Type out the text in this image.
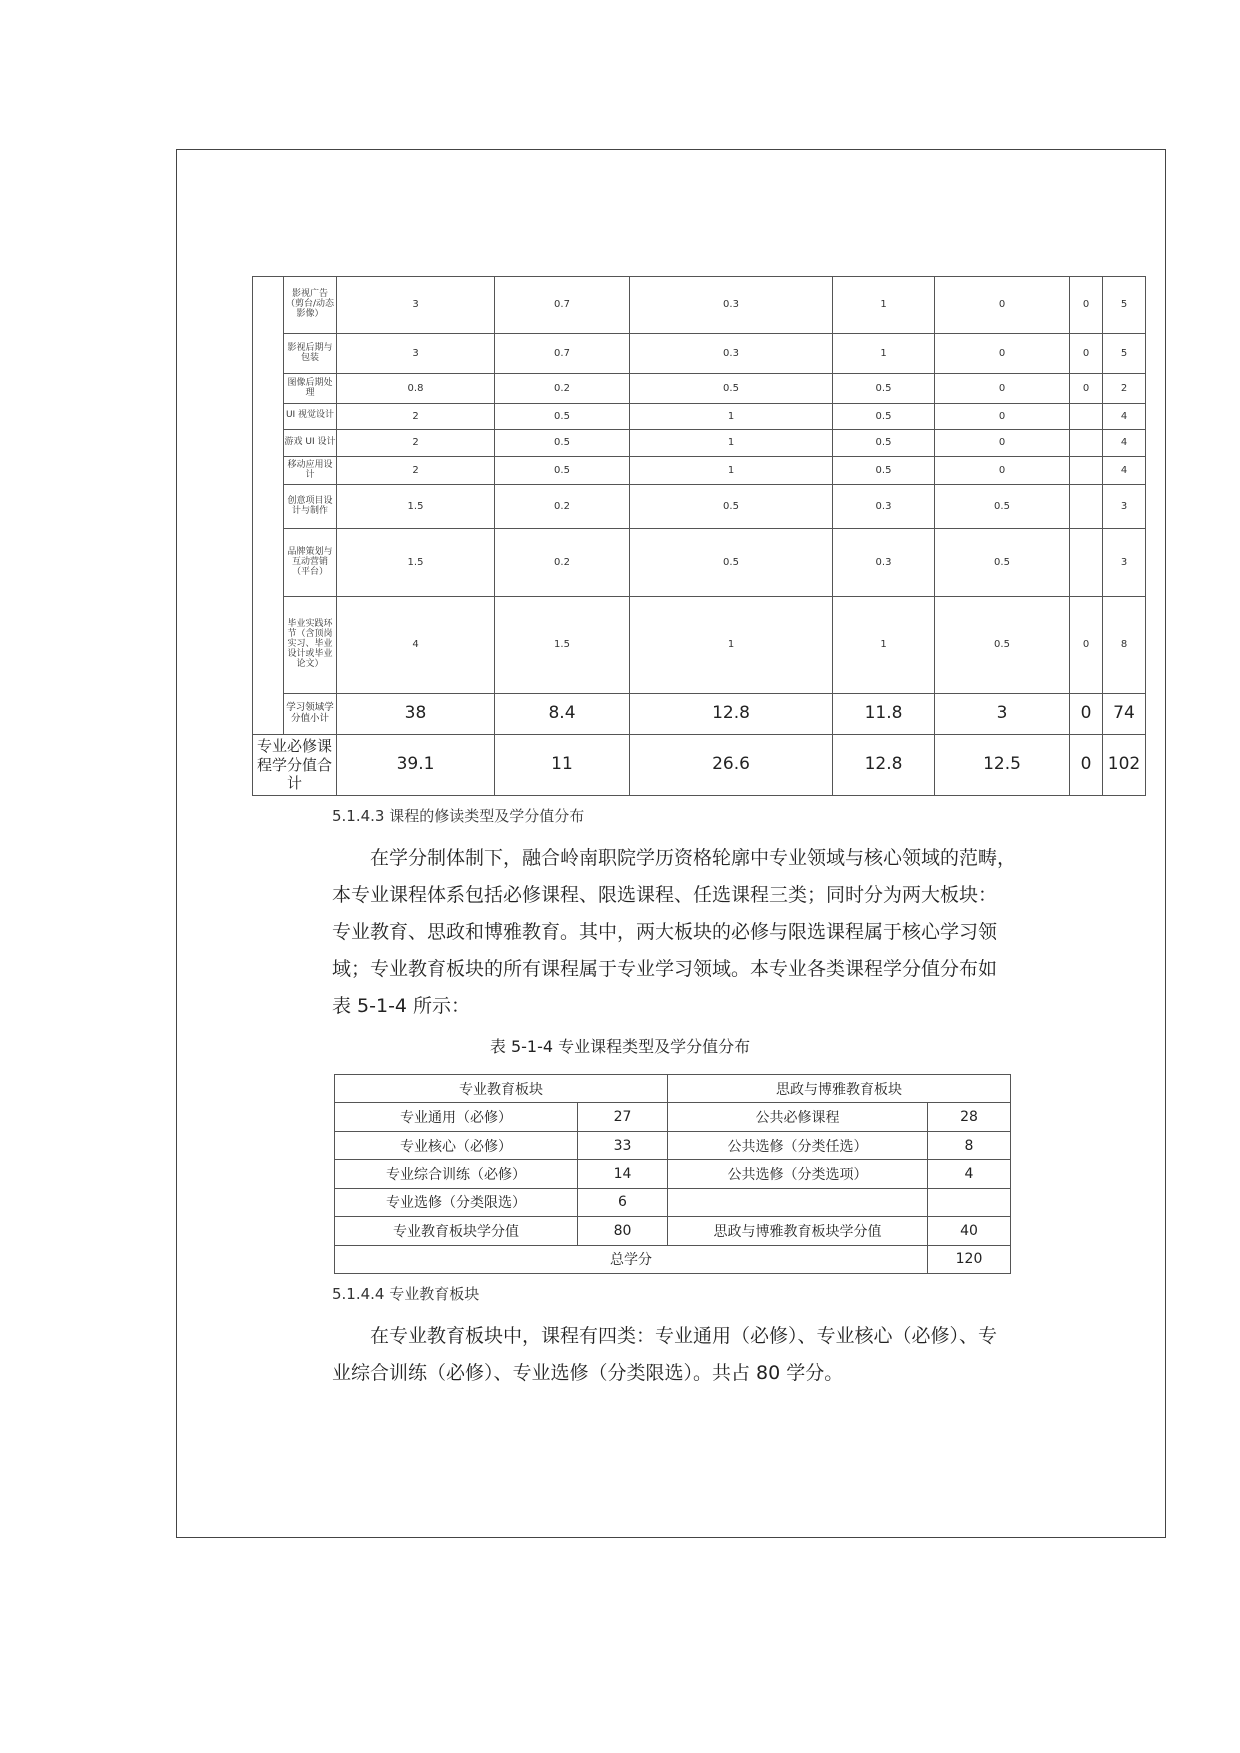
	影视广告（剪台/动态影像）	3	0.7	0.3	1	0	0	5
	影视后期与包装	3	0.7	0.3	1	0	0	5
	图像后期处理	0.8	0.2	0.5	0.5	0	0	2
	UI 视觉设计	2	0.5	1	0.5	0		4
	游戏 UI 设计	2	0.5	1	0.5	0		4
	移动应用设计	2	0.5	1	0.5	0		4
	创意项目设计与制作	1.5	0.2	0.5	0.3	0.5		3
	品牌策划与互动营销（平台）	1.5	0.2	0.5	0.3	0.5		3
	毕业实践环节（含顶岗实习、毕业设计或毕业论文）	4	1.5	1	1	0.5	0	8
	学习领域学分值小计	38	8.4	12.8	11.8	3	0	74
专业必修课程学分值合计		39.1	11	26.6	12.8	12.5	0	102
5.1.4.3 课程的修读类型及学分值分布
在学分制体制下，融合岭南职院学历资格轮廓中专业领域与核心领域的范畴，
本专业课程体系包括必修课程、限选课程、任选课程三类；同时分为两大板块：
专业教育、思政和博雅教育。其中，两大板块的必修与限选课程属于核心学习领
域；专业教育板块的所有课程属于专业学习领域。本专业各类课程学分值分布如
表 5-1-4 所示：
表 5-1-4 专业课程类型及学分值分布
专业教育板块		思政与博雅教育板块	
专业通用（必修）	27	公共必修课程	28
专业核心（必修）	33	公共选修（分类任选）	8
专业综合训练（必修）	14	公共选修（分类选项）	4
专业选修（分类限选）	6		
专业教育板块学分值	80	思政与博雅教育板块学分值	40
总学分			120
5.1.4.4 专业教育板块
在专业教育板块中，课程有四类：专业通用（必修）、专业核心（必修）、专
业综合训练（必修）、专业选修（分类限选）。共占 80 学分。
